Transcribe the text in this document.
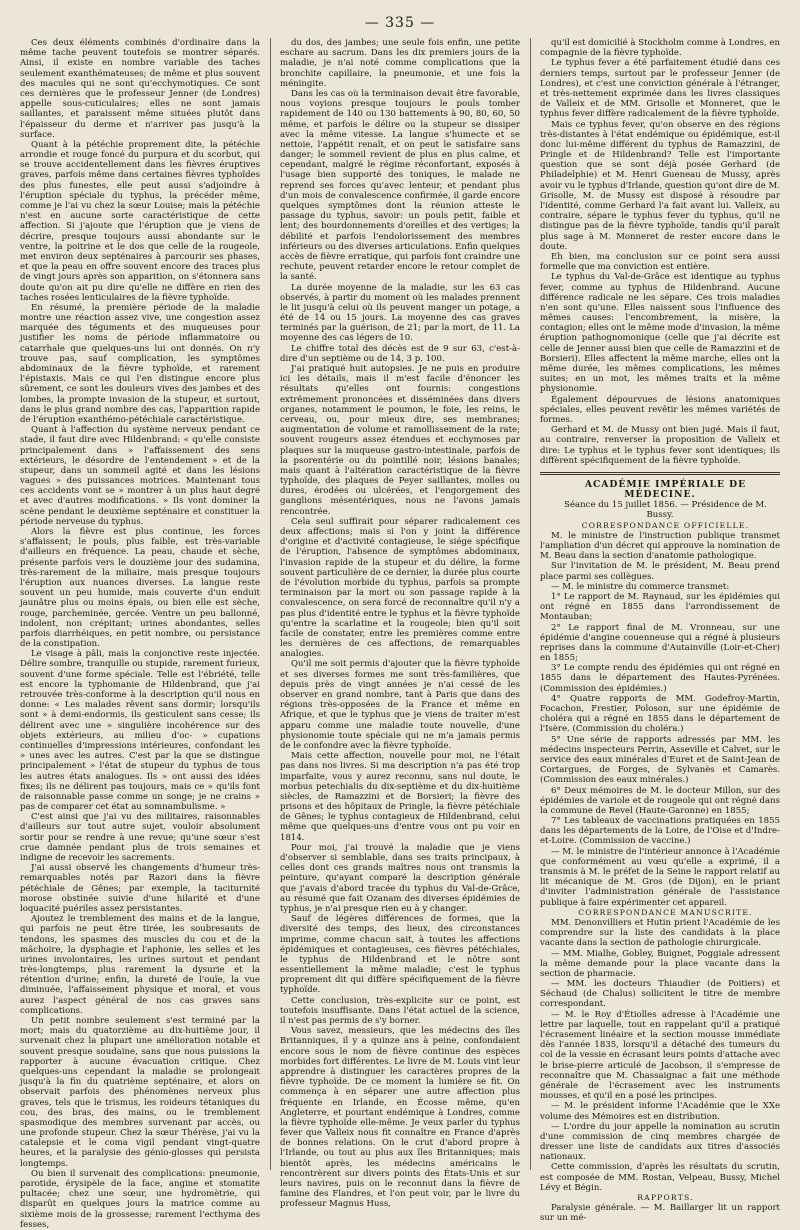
— 335 —

Ces deux éléments combinés d'ordinaire dans la même tache peuvent toutefois se montrer séparés. Ainsi, il existe en nombre variable des taches seulement exanthémateuses; de même et plus souvent des macules qui ne sont qu'ecchymotiques. Ce sont ces dernières que le professeur Jenner (de Londres) appelle sous-cuticulaires; elles ne sont jamais saillantes, et paraissent même situées plutôt dans l'épaisseur du derme et n'arriver pas jusqu'à la surface.

Quant à la pétéchie proprement dite, la pétéchie arrondie et rouge foncé du purpura et du scorbut, qui se trouve accidentellement dans les fièvres éruptives graves, parfois même dans certaines fièvres typhoïdes des plus funestes, elle peut aussi s'adjoindre à l'éruption spéciale du typhus, la précéder même, comme je l'ai vu chez la sœur Louise; mais la pétéchie n'est en aucune sorte caractéristique de cette affection. Si j'ajoute que l'éruption que je viens de décrire, presque toujours aussi abondante sur le ventre, la poitrine et le dos que celle de la rougeole, met environ deux septénaires à parcourir ses phases, et que la peau en offre souvent encore des traces plus de vingt jours après son apparition, on s'étonnera sans doute qu'on ait pu dire qu'elle ne diffère en rien des taches rosées lenticulaires de la fièvre typhoïde.

En résumé, la première période de la maladie montre une réaction assez vive, une congestion assez marquée des téguments et des muqueuses pour justifier les noms de période inflammatoire ou catarrhale que quelques-uns lui ont donnés. On n'y trouve pas, sauf complication, les symptômes abdominaux de la fièvre typhoïde, et rarement l'épistaxis. Mais ce qui l'en distingue encore plus sûrement, ce sont les douleurs vives des jambes et des lombes, la prompte invasion de la stupeur, et surtout, dans le plus grand nombre des cas, l'apparition rapide de l'éruption exanthémo-pétéchiale caractéristique.

Quant à l'affection du système nerveux pendant ce stade, il faut dire avec Hildenbrand: « qu'elle consiste principalement dans » l'affaissement des sens extérieurs, le désordre de l'entendement » et de la stupeur, dans un sommeil agité et dans les lésions vagues » des puissances motrices. Maintenant tous ces accidents vont se » montrer à un plus haut degré et avec d'autres modifications. » Ils vont dominer la scène pendant le deuxième septénaire et constituer la période nerveuse du typhus.

Alors la fièvre est plus continue, les forces s'affaissent; le pouls, plus faible, est très-variable d'ailleurs en fréquence. La peau, chaude et sèche, présente parfois vers le douzième jour des sudamina, très-rarement de la miliaire, mais presque toujours l'éruption aux nuances diverses. La langue reste souvent un peu humide, mais couverte d'un enduit jaunâtre plus ou moins épais, ou bien elle est sèche, rouge, parcheminée, gercée. Ventre un peu ballonné, indolent, non crépitant; urines abondantes, selles parfois diarrhéiques, en petit nombre, ou persistance de la constipation.

Le visage à pâli, mais la conjonctive reste injectée. Délire sombre, tranquille ou stupide, rarement furieux, souvent d'une forme spéciale. Telle est l'ébriété, telle est encore la typhomanie de Hildenbrand, que j'ai retrouvée très-conforme à la description qu'il nous en donne: « Les malades rêvent sans dormir; lorsqu'ils sont » à demi-endormis, ils gesticulent sans cesse; ils délirent avec une » singulière incohérence sur des objets extérieurs, au milieu d'oc- » cupations continuelles d'impressions intérieures, confondant les » unes avec les autres. C'est par la que se distingue principalement » l'état de stupeur du typhus de tous les autres états analogues. Ils » ont aussi des idées fixes; ils ne délirent pas toujours, mais ce » qu'ils font de raisonnable passe comme un songe; je ne crains » pas de comparer cet état au somnambulisme. »

C'est ainsi que j'ai vu des militaires, raisonnables d'ailleurs sur tout autre sujet, vouloir absolument sortir pour se rendre à une revue; qu'une sœur s'est crue damnée pendant plus de trois semaines et indigne de recevoir les sacrements.

J'ai aussi observé les changements d'humeur très-remarquables notés par Razori dans la fièvre pétéchiale de Gênes; par exemple, la taciturnité morose obstinée suivie d'une hilarité et d'une loquacité puériles assez persistantes.

Ajoutez le tremblement des mains et de la langue, qui parfois ne peut être tirée, les soubresauts de tendons, les spasmes des muscles du cou et de la mâchoire, la dysphagie et l'aphonie, les selles et les urines involontaires, les urines surtout et pendant très-longtemps, plus rarement la dysurie et la rétention d'urine; enfin, la dureté de l'ouïe, la vue diminuée, l'affaissement physique et moral, et vous aurez l'aspect général de nos cas graves sans complications.

Un petit nombre seulement s'est terminé par la mort; mais du quatorzième au dix-huitième jour, il survenait chez la plupart une amélioration notable et souvent presque soudaine, sans que nous puissions la rapporter à aucune évacuation critique. Chez quelques-uns cependant la maladie se prolongeait jusqu'à la fin du quatrième septénaire, et alors on observait parfois des phénomènes nerveux plus graves, tels que le trismus, les roideurs tétaniques du cou, des bras, des mains, ou le tremblement spasmodique des membres survenant par accès, ou une profonde stupeur. Chez la sœur Thérèse, j'ai vu la catalepsie et le coma vigil pendant vingt-quatre heures, et la paralysie des génio-glosses qui persista longtemps.

Ou bien il survenait des complications: pneumonie, parotide, érysipèle de la face, angine et stomatite pultacée; chez une sœur, une hydromètrie, qui disparût en quelques jours la matrice comme au sixième mois de la grossesse; rarement l'ecthyma des fesses,

du dos, des jambes; une seule fois enfin, une petite eschare au sacrum. Dans les dix premiers jours de la maladie, je n'ai noté comme complications que la bronchite capillaire, la pneumonie, et une fois la méningite.

Dans les cas où la terminaison devait être favorable, nous voyions presque toujours le pouls tomber rapidement de 140 ou 130 battements à 90, 80, 60, 50 même, et parfois le délire ou la stupeur se dissiper avec la même vitesse. La langue s'humecte et se nettoie, l'appétit renaît, et on peut le satisfaire sans danger; le sommeil revient de plus en plus calme, et cependant, malgré le régime réconfortant, exposés à l'usage bien supporté des toniques, le malade ne reprend ses forces qu'avec lenteur, et pendant plus d'un mois de convalescence confirmée, il garde encore quelques symptômes dont la réunion atteste le passage du typhus, savoir: un pouls petit, faible et lent; des bourdonnements d'oreilles et des vertiges; la débilité et parfois l'endolorissement des membres inférieurs ou des diverses articulations. Enfin quelques accès de fièvre erratique, qui parfois font craindre une rechute, peuvent retarder encore le retour complet de la santé.

La durée moyenne de la maladie, sur les 63 cas observés, à partir du moment où les malades prennent le lit jusqu'à celui où ils peuvent manger un potage, a été de 14 ou 15 jours. La moyenne des cas graves terminés par la guérison, de 21; par la mort, de 11. La moyenne des cas légers de 10.

Le chiffre total des décès est de 9 sur 63, c'est-à-dire d'un septième ou de 14, 3 p. 100.

J'ai pratiqué huit autopsies. Je ne puis en produire ici les détails, mais il m'est facile d'énoncer les résultats qu'elles ont fournis: congestions extrêmement prononcées et disséminées dans divers organes, notamment le poumon, le foie, les reins, le cerveau, ou, pour mieux dire, ses membranes; augmentation de volume et ramollissement de la rate; souvent rougeurs assez étendues et ecchymoses par plaques sur la muqueuse gastro-intestinale, parfois de la psorentérie ou du pointillé noir, lésions banales; mais quant à l'altération caractéristique de la fièvre typhoïde, des plaques de Peyer saillantes, molles ou dures, érodées ou ulcérées, et l'engorgement des ganglions mésentériques, nous ne l'avons jamais rencontrée.

Cela seul suffirait pour séparer radicalement ces deux affections; mais si l'on y joint la différence d'origine et d'activité contagieuse, le siége spécifique de l'éruption, l'absence de symptômes abdominaux, l'invasion rapide de la stupeur et du délire, la forme souvent particulière de ce dernier, la durée plus courte de l'évolution morbide du typhus, parfois sa prompte terminaison par la mort ou son passage rapide à la convalescence, on sera forcé de reconnaître qu'il n'y a pas plus d'identité entre le typhus et la fièvre typhoïde qu'entre la scarlatine et la rougeole; bien qu'il soit facile de constater, entre les premières comme entre les dernières de ces affections, de remarquables analogies.

Qu'il me soit permis d'ajouter que la fièvre typhoïde et ses diverses formes me sont très-familières, que depuis près de vingt années je n'ai cessé de les observer en grand nombre, tant à Paris que dans des régions très-opposées de la France et même en Afrique, et que le typhus que je viens de traiter m'est apparu comme une maladie toute nouvelle, d'une physionomie toute spéciale qui ne m'a jamais permis de le confondre avec la fièvre typhoïde.

Mais cette affection, nouvelle pour moi, ne l'était pas dans nos livres. Si ma description n'a pas été trop imparfaite, vous y aurez reconnu, sans nul doute, le morbus petechialis du dix-septième et du dix-huitième siècles, de Ramazzini et de Borsieri; la fièvre des prisons et des hôpitaux de Pringle, la fièvre pétéchiale de Gênes; le typhus contagieux de Hildenbrand, celui même que quelques-uns d'entre vous ont pu voir en 1814.

Pour moi, j'ai trouvé la maladie que je viens d'observer si semblable, dans ses traits principaux, à celles dont ces grands maîtres nous ont transmis la peinture, qu'ayant comparé la description générale que j'avais d'abord tracée du typhus du Val-de-Grâce, au résumé que fait Ozanam des diverses épidémies de typhus, je n'ai presque rien eu à y changer.

Sauf de légères différences de formes, que la diversité des temps, des lieux, des circonstances imprime, comme chacun sait, à toutes les affections épidémiques et contagieuses, ces fièvres pétéchiales, le typhus de Hildenbrand et le nôtre sont essentiellement la même maladie; c'est le typhus proprement dit qui diffère spécifiquement de la fièvre typhoïde.

Cette conclusion, très-explicite sur ce point, est toutefois insuffisante. Dans l'état actuel de la science, il n'est pas permis de s'y borner.

Vous savez, messieurs, que les médecins des îles Britanniques, il y a quinze ans à peine, confondaient encore sous le nom de fièvre continue des espèces morbides fort différentes. Le livre de M. Louis vint leur apprendre à distinguer les caractères propres de la fièvre typhoïde. De ce moment la lumière se fit. On commença à en séparer une autre affection plus fréquente en Irlande, en Écosse même, qu'en Angleterre, et pourtant endémique à Londres, comme la fièvre typhoïde elle-même. Je veux parler du typhus fever que Valleix nous fit connaître en France d'après de bonnes relations. On le crut d'abord propre à l'Irlande, ou tout au plus aux îles Britanniques; mais bientôt après, les médecins américains le rencontrèrent sur divers points des États-Unis et sur leurs navires, puis on le reconnut dans la fièvre de famine des Flandres, et l'on peut voir, par le livre du professeur Magnus Huss,

qu'il est domicilié à Stockholm comme à Londres, en compagnie de la fièvre typhoïde.

Le typhus fever a été parfaitement étudié dans ces derniers temps, surtout par le professeur Jenner (de Londres), et c'est une conviction générale à l'étranger, et très-nettement exprimée dans les livres classiques de Valleix et de MM. Grisolle et Monneret, que le typhus fever diffère radicalement de la fièvre typhoïde.

Mais ce typhus fever, qu'on observe en des régions très-distantes à l'état endémique ou épidémique, est-il donc lui-même différent du typhus de Ramazzini, de Pringle et de Hildenbrand? Telle est l'importante question que se sont déjà posée Gerhard (de Philadelphie) et M. Henri Gueneau de Mussy, après avoir vu le typhus d'Irlande, question qu'ont dire de M. Grisolle, M. de Mussy est disposé à résoudre par l'identité, comme Gerhard l'a fait avant lui. Valleix, au contraire, sépare le typhus fever du typhus, qu'il ne distingue pas de la fièvre typhoïde, tandis qu'il paraît plus sage à M. Monneret de rester encore dans le doute.

Eh bien, ma conclusion sur ce point sera aussi formelle que ma conviction est entière.

Le typhus du Val-de-Grâce est identique au typhus fever, comme au typhus de Hildenbrand. Aucune différence radicale ne les sépare. Ces trois maladies n'en sont qu'une. Elles naissent sous l'influence des mêmes causes: l'encombrement, la misère, la contagion; elles ont le même mode d'invasion, la même éruption pathognomonique (celle que j'ai décrite est celle de Jenner aussi bien que celle de Ramazzini et de Borsieri). Elles affectent la même marche, elles ont la même durée, les mêmes complications, les mêmes suites; en un mot, les mêmes traits et la même physionomie.

Également dépourvues de lésions anatomiques spéciales, elles peuvent revêtir les mêmes variétés de formes.

Gerhard et M. de Mussy ont bien jugé. Mais il faut, au contraire, renverser la proposition de Valleix et dire: Le typhus et le typhus fever sont identiques; ils diffèrent spécifiquement de la fièvre typhoïde.

ACADÉMIE IMPÉRIALE DE MÉDECINE.

Séance du 15 juillet 1856. — Présidence de M. Bussy.

CORRESPONDANCE OFFICIELLE.

M. le ministre de l'instruction publique transmet l'ampliation d'un décret qui approuve la nomination de M. Beau dans la section d'anatomie pathologique.

Sur l'invitation de M. le président, M. Beau prend place parmi ses collègues.

— M. le ministre du commerce transmet:

1° Le rapport de M. Raynaud, sur les épidémies qui ont régné en 1855 dans l'arrondissement de Montauban;

2° Le rapport final de M. Vronneau, sur une épidémie d'angine couenneuse qui a régné à plusieurs reprises dans la commune d'Autainville (Loir-et-Cher) en 1855;

3° Le compte rendu des épidémies qui ont régné en 1855 dans le département des Hautes-Pyrénées. (Commission des épidémies.)

4° Quatre rapports de MM. Godefroy-Martin, Focachon, Frestier, Poloson, sur une épidémie de choléra qui a régné en 1855 dans le département de l'Isère. (Commission du choléra.)

5° Une série de rapports adressés par MM. les médecins inspecteurs Perrin, Asseville et Calvet, sur le service des eaux minérales d'Euret et de Saint-Jean de Cortargues, de Forges, de Sylvanès et Camarès. (Commission des eaux minérales.)

6° Deux mémoires de M. le docteur Millon, sur des épidémies de variole et de rougeole qui ont régné dans la commune de Revel (Haute-Garonne) en 1855;

7° Les tableaux de vaccinations pratiquées en 1855 dans les départements de la Loire, de l'Oise et d'Indre-et-Loire. (Commission de vaccine.)

— M. le ministre de l'intérieur annonce à l'Académie que conformément au vœu qu'elle a exprimé, il a transmis à M. le préfet de la Seine le rapport relatif au lit mécanique de M. Gros (de Dijon), en le priant d'inviter l'administration générale de l'assistance publique à faire expérimenter cet appareil.

CORRESPONDANCE MANUSCRITE.

MM. Denonvilliers et Hutin prient l'Académie de les comprendre sur la liste des candidats à la place vacante dans la section de pathologie chirurgicale.

— MM. Mialhe, Gobley, Buignet, Poggiale adressent la même demande pour la place vacante dans la section de pharmacie.

— MM. les docteurs Thiaudier (de Poitiers) et Séchaud (de Chalus) sollicitent le titre de membre correspondant.

— M. le Roy d'Étiolles adresse à l'Académie une lettre par laquelle, tout en rappelant qu'il a pratiqué l'écrasement linéaire et la section mousse immédiate dès l'année 1835, lorsqu'il a détaché des tumeurs du col de la vessie en écrasant leurs points d'attache avec le brise-pierre articulé de Jacobson, il s'empresse de reconnaître que M. Chassaignac a fait une méthode générale de l'écrasement avec les instruments mousses, et qu'il en a posé les principes.

— M. le président informe l'Académie que le XXe volume des Mémoires est en distribution.

— L'ordre du jour appelle la nomination au scrutin d'une commission de cinq membres chargée de dresser une liste de candidats aux titres d'associés nationaux.

Cette commission, d'après les résultats du scrutin, est composée de MM. Rostan, Velpeau, Bussy, Michel Lévy et Bégin.

RAPPORTS.

Paralysie générale. — M. Baillarger lit un rapport sur un mé-
